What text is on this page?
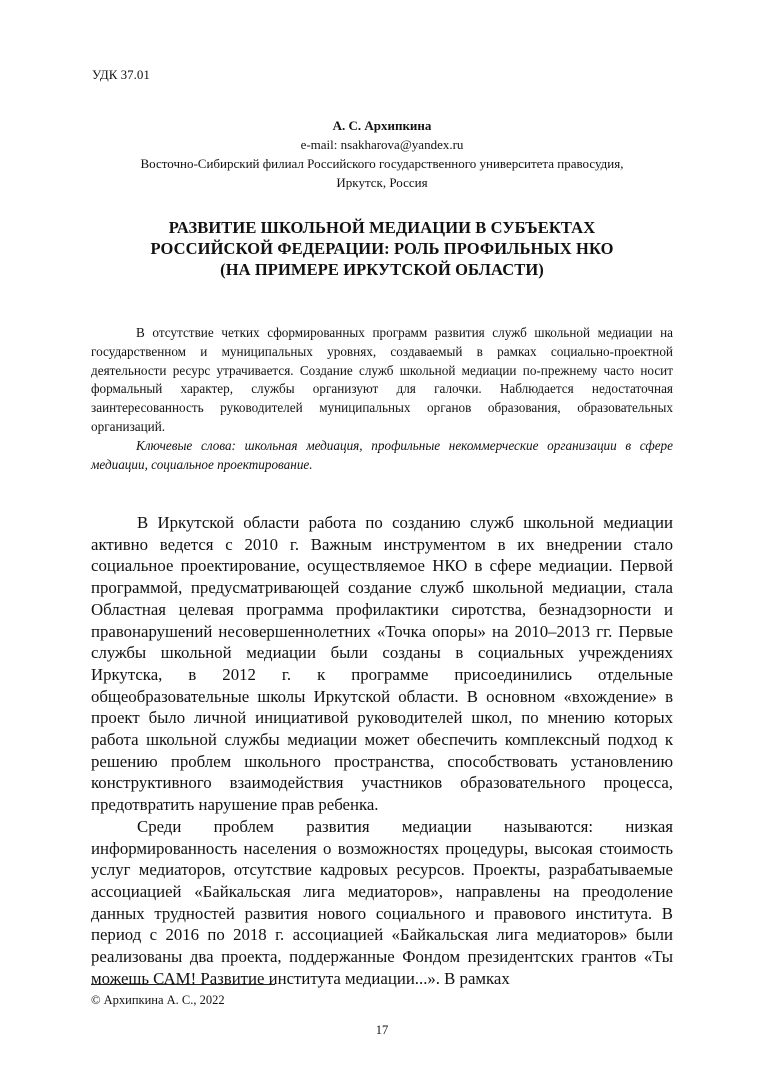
УДК 37.01
А. С. Архипкина
e-mail: nsakharova@yandex.ru
Восточно-Сибирский филиал Российского государственного университета правосудия,
Иркутск, Россия
РАЗВИТИЕ ШКОЛЬНОЙ МЕДИАЦИИ В СУБЪЕКТАХ
РОССИЙСКОЙ ФЕДЕРАЦИИ: РОЛЬ ПРОФИЛЬНЫХ НКО
(НА ПРИМЕРЕ ИРКУТСКОЙ ОБЛАСТИ)

В отсутствие четких сформированных программ развития служб школьной медиации на государственном и муниципальных уровнях, создаваемый в рамках социально-проектной деятельности ресурс утрачивается. Создание служб школьной медиации по-прежнему часто носит формальный характер, службы организуют для галочки. Наблюдается недостаточная заинтересованность руководителей муниципальных органов образования, образовательных организаций.

Ключевые слова: школьная медиация, профильные некоммерческие организации в сфере медиации, социальное проектирование.

В Иркутской области работа по созданию служб школьной медиации активно ведется с 2010 г. Важным инструментом в их внедрении стало социальное проектирование, осуществляемое НКО в сфере медиации. Первой программой, предусматривающей создание служб школьной медиации, стала Областная целевая программа профилактики сиротства, безнадзорности и правонарушений несовершеннолетних «Точка опоры» на 2010–2013 гг. Первые службы школьной медиации были созданы в социальных учреждениях Иркутска, в 2012 г. к программе присоединились отдельные общеобразовательные школы Иркутской области. В основном «вхождение» в проект было личной инициативой руководителей школ, по мнению которых работа школьной службы медиации может обеспечить комплексный подход к решению проблем школьного пространства, способствовать установлению конструктивного взаимодействия участников образовательного процесса, предотвратить нарушение прав ребенка.

Среди проблем развития медиации называются: низкая информированность населения о возможностях процедуры, высокая стоимость услуг медиаторов, отсутствие кадровых ресурсов. Проекты, разрабатываемые ассоциацией «Байкальская лига медиаторов», направлены на преодоление данных трудностей развития нового социального и правового института. В период с 2016 по 2018 г. ассоциацией «Байкальская лига медиаторов» были реализованы два проекта, поддержанные Фондом президентских грантов «Ты можешь САМ! Развитие института медиации...». В рамках

© Архипкина А. С., 2022
17
